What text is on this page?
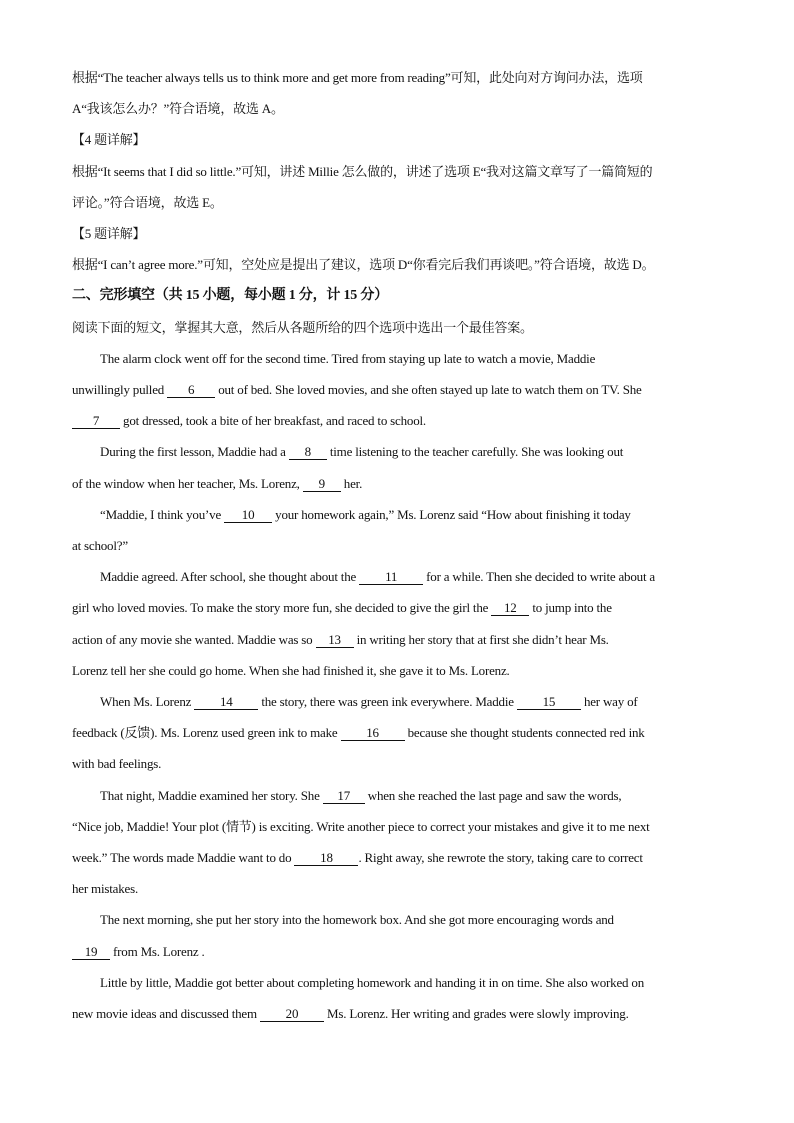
根据“The teacher always tells us to think more and get more from reading”可知，此处向对方询问办法，选项
A“我该怎么办？”符合语境，故选 A。
【4 题详解】
根据“It seems that I did so little.”可知，讲述 Millie 怎么做的，讲述了选项 E“我对这篇文章写了一篇简短的
评论。”符合语境，故选 E。
【5 题详解】
根据“I can’t agree more.”可知，空处应是提出了建议，选项 D“你看完后我们再谈吧。”符合语境，故选 D。
二、完形填空（共 15 小题，每小题 1 分，计 15 分）
阅读下面的短文，掌握其大意，然后从各题所给的四个选项中选出一个最佳答案。
The alarm clock went off for the second time. Tired from staying up late to watch a movie, Maddie
unwillingly pulled 6 out of bed. She loved movies, and she often stayed up late to watch them on TV. She
7 got dressed, took a bite of her breakfast, and raced to school.
During the first lesson, Maddie had a 8 time listening to the teacher carefully. She was looking out
of the window when her teacher, Ms. Lorenz, 9 her.
“Maddie, I think you’ve 10 your homework again,” Ms. Lorenz said “How about finishing it today
at school?”
Maddie agreed. After school, she thought about the 11 for a while. Then she decided to write about a
girl who loved movies. To make the story more fun, she decided to give the girl the 12 to jump into the
action of any movie she wanted. Maddie was so 13 in writing her story that at first she didn’t hear Ms.
Lorenz tell her she could go home. When she had finished it, she gave it to Ms. Lorenz.
When Ms. Lorenz 14 the story, there was green ink everywhere. Maddie 15 her way of
feedback (反馈). Ms. Lorenz used green ink to make 16 because she thought students connected red ink
with bad feelings.
That night, Maddie examined her story. She 17 when she reached the last page and saw the words,
“Nice job, Maddie! Your plot (情节) is exciting. Write another piece to correct your mistakes and give it to me next
week.” The words made Maddie want to do 18 . Right away, she rewrote the story, taking care to correct
her mistakes.
The next morning, she put her story into the homework box. And she got more encouraging words and
19 from Ms. Lorenz .
Little by little, Maddie got better about completing homework and handing it in on time. She also worked on
new movie ideas and discussed them 20 Ms. Lorenz. Her writing and grades were slowly improving.
